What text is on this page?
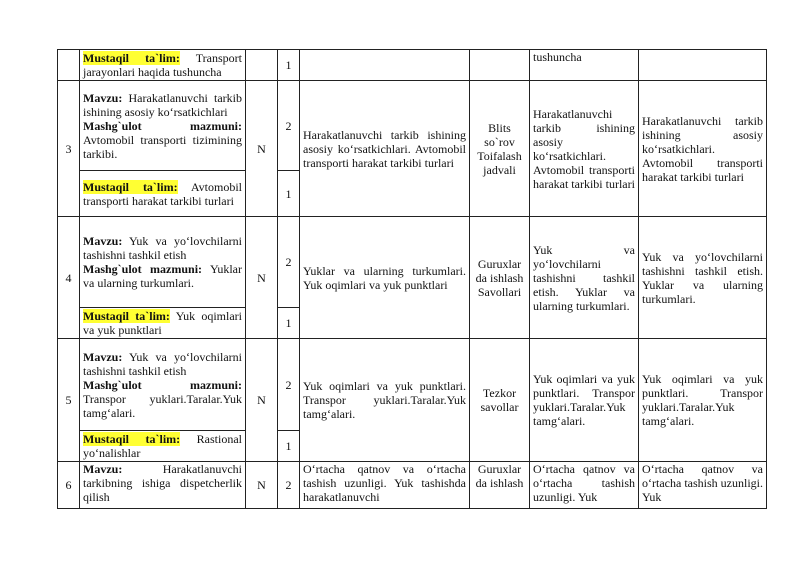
	Mustaqil ta`lim: Transport jarayonlari haqida tushuncha		1			tushuncha	
3	Mavzu: Harakatlanuvchi tarkib ishining asosiy ko‘rsatkichlari
Mashg`ulot mazmuni: Avtomobil transporti tizimining tarkibi.	N	2	Harakatlanuvchi tarkib ishining asosiy ko‘rsatkichlari. Avtomobil transporti harakat tarkibi turlari	Blits so`rov Toifalash jadvali	Harakatlanuvchi tarkib ishining asosiy ko‘rsatkichlari. Avtomobil transporti harakat tarkibi turlari	Harakatlanuvchi tarkib ishining asosiy ko‘rsatkichlari. Avtomobil transporti harakat tarkibi turlari
	Mustaqil ta`lim: Avtomobil transporti harakat tarkibi turlari		1				
4	Mavzu: Yuk va yo‘lovchilarni tashishni tashkil etish
Mashg`ulot mazmuni: Yuklar va ularning turkumlari.	N	2	Yuklar va ularning turkumlari. Yuk oqimlari va yuk punktlari	Guruxlar da ishlash Savollari	Yuk va yo‘lovchilarni tashishni tashkil etish. Yuklar va ularning turkumlari.	Yuk va yo‘lovchilarni tashishni tashkil etish. Yuklar va ularning turkumlari.
	Mustaqil ta`lim: Yuk oqimlari va yuk punktlari		1				
5	Mavzu: Yuk va yo‘lovchilarni tashishni tashkil etish
Mashg`ulot mazmuni: Transpor yuklari.Taralar.Yuk tamg‘alari.	N	2	Yuk oqimlari va yuk punktlari. Transpor yuklari.Taralar.Yuk tamg‘alari.	Tezkor savollar	Yuk oqimlari va yuk punktlari. Transpor yuklari.Taralar.Yuk tamg‘alari.	Yuk oqimlari va yuk punktlari. Transpor yuklari.Taralar.Yuk tamg‘alari.
	Mustaqil ta`lim: Rastional yo‘nalishlar		1				
6	Mavzu: Harakatlanuvchi tarkibning ishiga dispetcherlik qilish	N	2	O‘rtacha qatnov va o‘rtacha tashish uzunligi. Yuk tashishda harakatlanuvchi	Guruxlar da ishlash	O‘rtacha qatnov va o‘rtacha tashish uzunligi. Yuk	O‘rtacha qatnov va o‘rtacha tashish uzunligi. Yuk
